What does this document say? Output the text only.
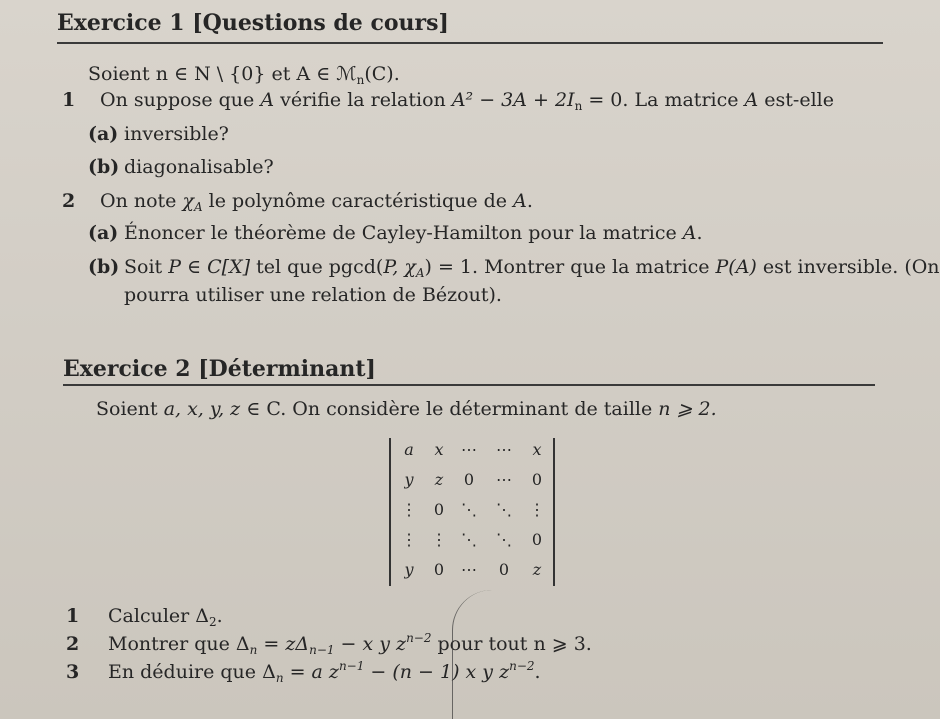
Exercice 1 [Questions de cours]
Soient n ∈ N \ {0} et A ∈ ℳ$_n$(C).
1 On suppose que A vérifie la relation $A^2 - 3A + 2I_n = 0$. La matrice A est-elle
(a) inversible?
(b) diagonalisable?
2 On note $\chi_A$ le polynôme caractéristique de A.
(a) Énoncer le théorème de Cayley-Hamilton pour la matrice A.
(b) Soit P ∈ C[X] tel que pgcd(P, $\chi_A) = 1$. Montrer que la matrice P(A) est inversible. (On
pourra utiliser une relation de Bézout).
Exercice 2 [Déterminant]
Soient a, x, y, z ∈ C. On considère le déterminant de taille n ⩾ 2.
a	x	⋯	⋯	x
y	z	0	⋯	0
⋮	0	⋱	⋱	⋮
⋮ ⋮ ⋱	⋱	0
y	0	⋯	0	z
1 Calculer $\Delta_2$.
2 Montrer que $\Delta_n = z\Delta_{n-1} - x$ y $z^{n-2}$ pour tout n ⩾ 3.
3 En déduire que $\Delta_n = a$ $z^{n-1} - (n - 1)$ x y $z^{n-2}$.
